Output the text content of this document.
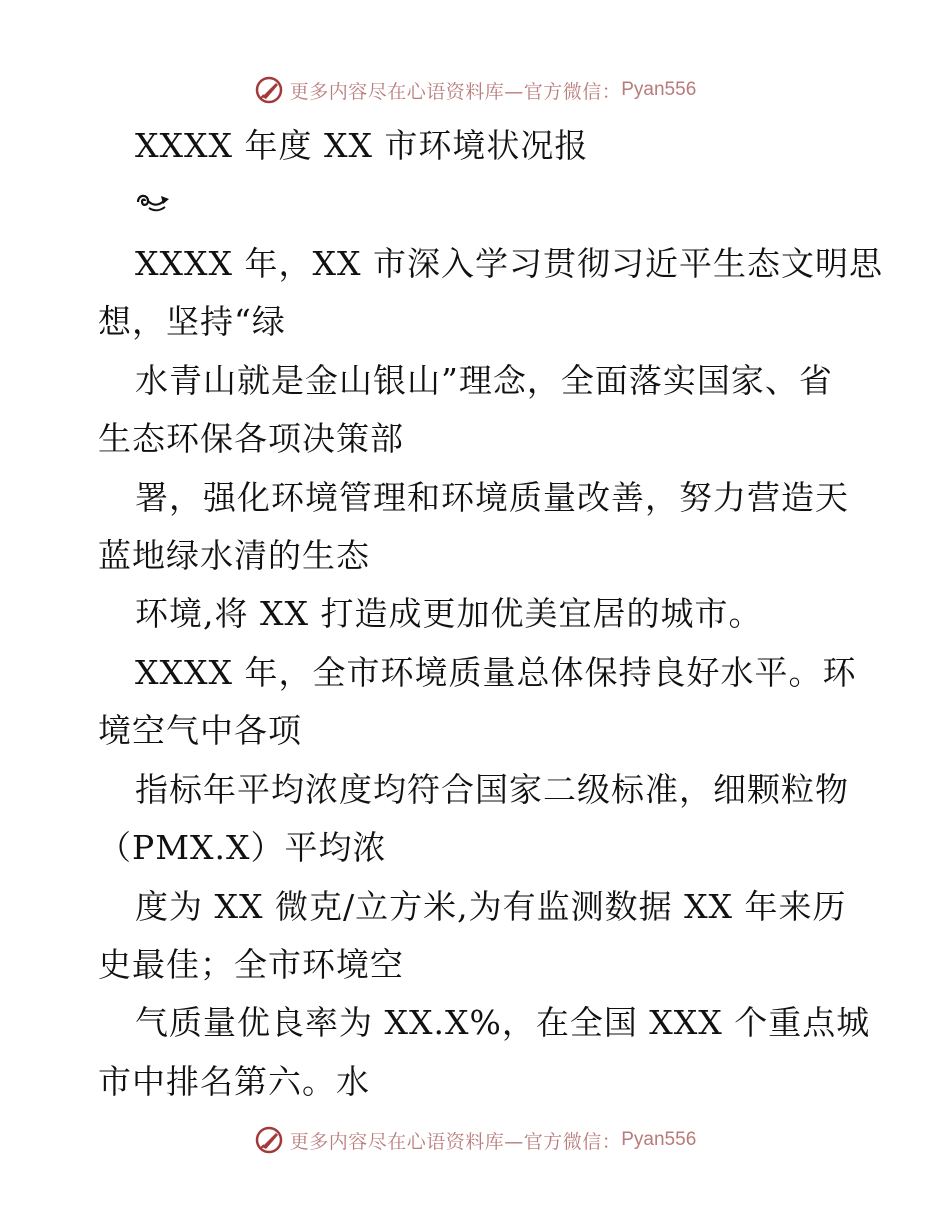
更多内容尽在心语资料库—官方微信： Pyan556
XXXX 年度 XX 市环境状况报
XXXX 年，XX 市深入学习贯彻习近平生态文明思
想，坚持“绿
水青山就是金山银山”理念，全面落实国家、省
生态环保各项决策部
署，强化环境管理和环境质量改善，努力营造天
蓝地绿水清的生态
环境,将 XX 打造成更加优美宜居的城市。
XXXX 年，全市环境质量总体保持良好水平。环
境空气中各项
指标年平均浓度均符合国家二级标准，细颗粒物
（PMX.X）平均浓
度为 XX 微克/立方米,为有监测数据 XX 年来历
史最佳；全市环境空
气质量优良率为 XX.X%，在全国 XXX 个重点城
市中排名第六。水
更多内容尽在心语资料库—官方微信： Pyan556
